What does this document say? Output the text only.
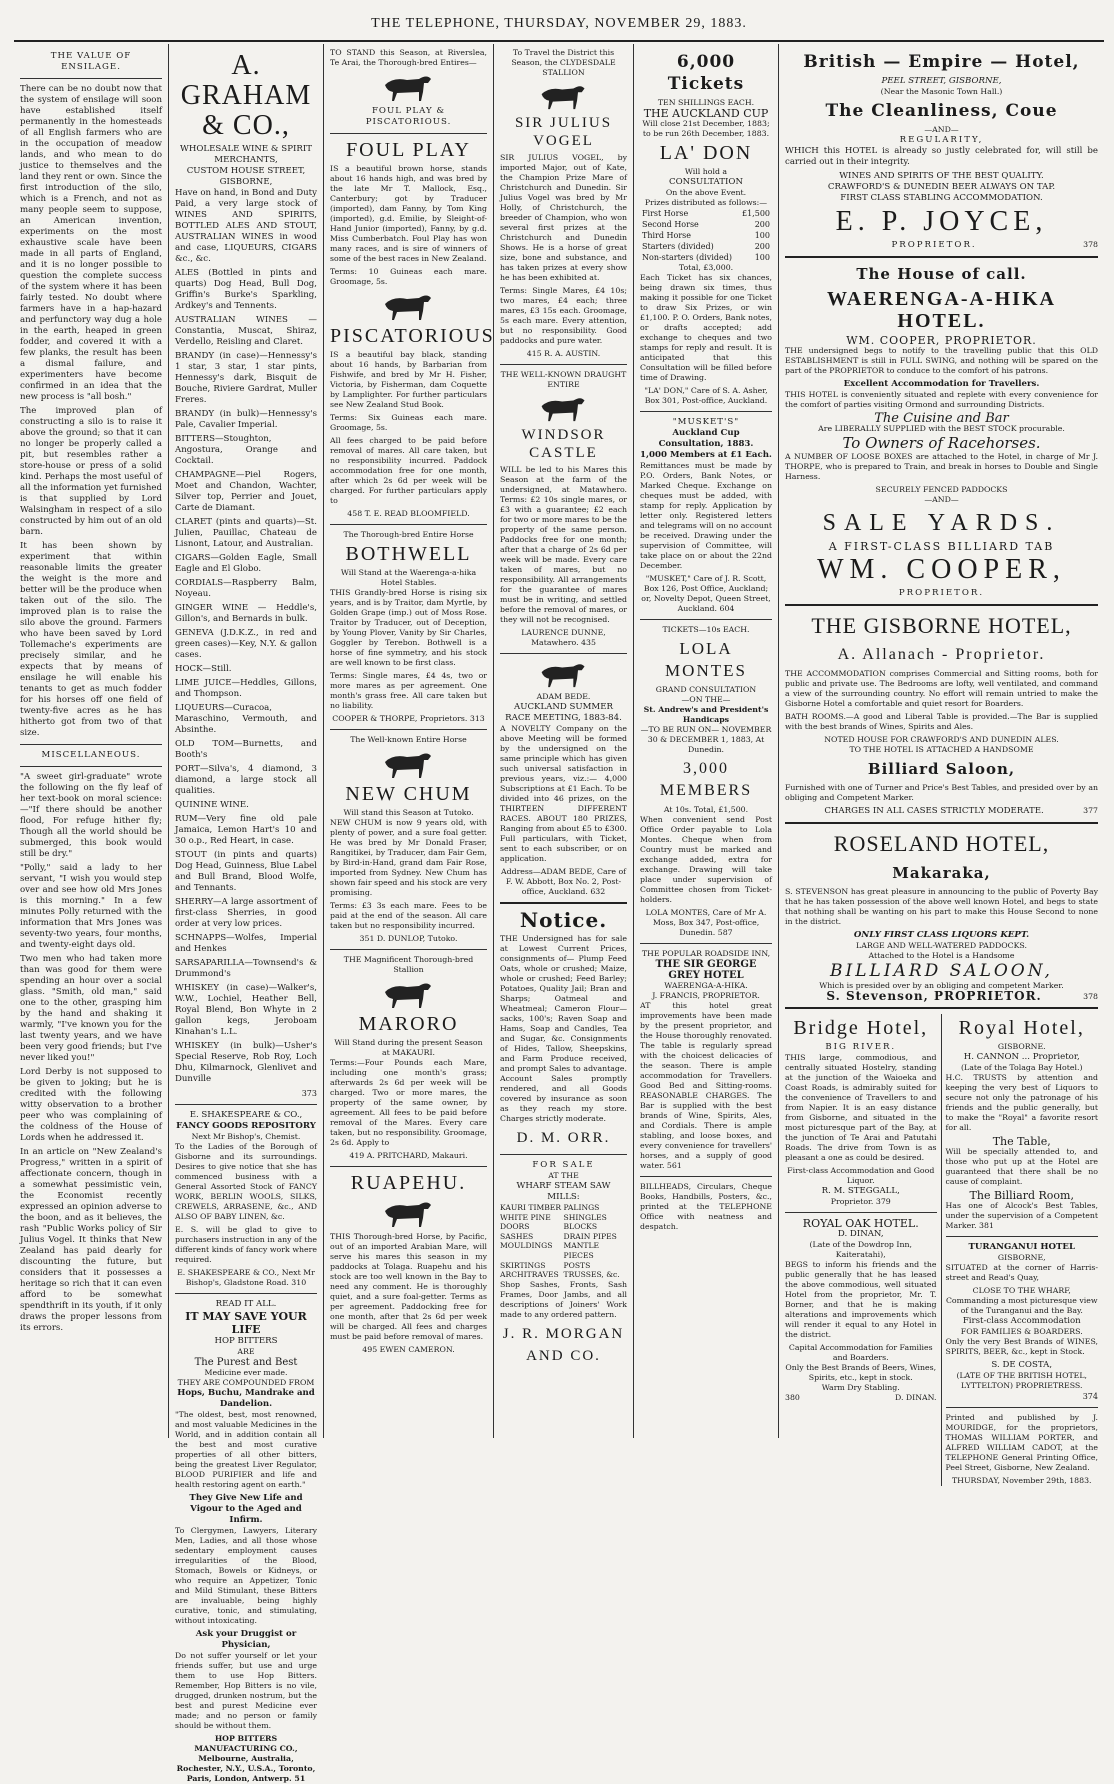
THE TELEPHONE, THURSDAY, NOVEMBER 29, 1883.
THE VALUE OF ENSILAGE.

There can be no doubt now that the system of ensilage will soon have established itself permanently in the homesteads of all English farmers who are in the occupation of meadow lands, and who mean to do justice to themselves and the land they rent or own. Since the first introduction of the silo, which is a French, and not as many people seem to suppose, an American invention, experiments on the most exhaustive scale have been made in all parts of England, and it is no longer possible to question the complete success of the system where it has been fairly tested. No doubt where farmers have in a hap-hazard and perfunctory way dug a hole in the earth, heaped in green fodder, and covered it with a few planks, the result has been a dismal failure, and experimenters have become confirmed in an idea that the new process is "all bosh."

The improved plan of constructing a silo is to raise it above the ground; so that it can no longer be properly called a pit, but resembles rather a store-house or press of a solid kind. Perhaps the most useful of all the information yet furnished is that supplied by Lord Walsingham in respect of a silo constructed by him out of an old barn.

It has been shown by experiment that within reasonable limits the greater the weight is the more and better will be the produce when taken out of the silo. The improved plan is to raise the silo above the ground. Farmers who have been saved by Lord Tollemache's experiments are precisely similar, and he expects that by means of ensilage he will enable his tenants to get as much fodder for his horses off one field of twenty-five acres as he has hitherto got from two of that size.

MISCELLANEOUS.

"A sweet girl-graduate" wrote the following on the fly leaf of her text-book on moral science:—"If there should be another flood, For refuge hither fly; Though all the world should be submerged, this book would still be dry."

"Polly," said a lady to her servant, "I wish you would step over and see how old Mrs Jones is this morning." In a few minutes Polly returned with the information that Mrs Jones was seventy-two years, four months, and twenty-eight days old.

Two men who had taken more than was good for them were spending an hour over a social glass. "Smith, old man," said one to the other, grasping him by the hand and shaking it warmly, "I've known you for the last twenty years, and we have been very good friends; but I've never liked you!"

Lord Derby is not supposed to be given to joking; but he is credited with the following witty observation to a brother peer who was complaining of the coldness of the House of Lords when he addressed it.

In an article on "New Zealand's Progress," written in a spirit of affectionate concern, though in a somewhat pessimistic vein, the Economist recently expressed an opinion adverse to the boon, and as it believes, the rash "Public Works policy of Sir Julius Vogel. It thinks that New Zealand has paid dearly for discounting the future, but considers that it possesses a heritage so rich that it can even afford to be somewhat spendthrift in its youth, if it only draws the proper lessons from its errors.

A. GRAHAM & CO.,
WHOLESALE WINE & SPIRIT MERCHANTS,
CUSTOM HOUSE STREET,
GISBORNE,

Have on hand, in Bond and Duty Paid, a very large stock of WINES AND SPIRITS, BOTTLED ALES AND STOUT, AUSTRALIAN WINES in wood and case, LIQUEURS, CIGARS &c., &c.

ALES (Bottled in pints and quarts) Dog Head, Bull Dog, Griffin's Burke's Sparkling, Ardkey's and Tennents.
AUSTRALIAN WINES — Constantia, Muscat, Shiraz, Verdello, Reisling and Claret.
BRANDY (in case)—Hennessy's 1 star, 3 star, 1 star pints, Hennessy's dark, Bisquit de Bouche, Riviere Gardrat, Muller Freres.
BRANDY (in bulk)—Hennessy's Pale, Cavalier Imperial.
BITTERS—Stoughton, Angostura, Orange and Cocktail.
CHAMPAGNE—Piel Rogers, Moet and Chandon, Wachter, Silver top, Perrier and Jouet, Carte de Diamant.
CLARET (pints and quarts)—St. Julien, Pauillac, Chateau de Lisnont, Latour, and Australian.
CIGARS—Golden Eagle, Small Eagle and El Globo.
CORDIALS—Raspberry Balm, Noyeau.
GINGER WINE — Heddle's, Gillon's, and Bernards in bulk.
GENEVA (J.D.K.Z., in red and green cases)—Key, N.Y. & gallon cases.
HOCK—Still.
LIME JUICE—Heddles, Gillons, and Thompson.
LIQUEURS—Curacoa, Maraschino, Vermouth, and Absinthe.
OLD TOM—Burnetts, and Booth's
PORT—Silva's, 4 diamond, 3 diamond, a large stock all qualities.
QUININE WINE.
RUM—Very fine old pale Jamaica, Lemon Hart's 10 and 30 o.p., Red Heart, in case.
STOUT (in pints and quarts) Dog Head, Guinness, Blue Label and Bull Brand, Blood Wolfe, and Tennants.
SHERRY—A large assortment of first-class Sherries, in good order at very low prices.
SCHNAPPS—Wolfes, Imperial and Henkes
SARSAPARILLA—Townsend's & Drummond's
WHISKEY (in case)—Walker's, W.W., Lochiel, Heather Bell, Royal Blend, Bon Whyte in 2 gallon kegs, Jeroboam Kinahan's L.L.
WHISKEY (in bulk)—Usher's Special Reserve, Rob Roy, Loch Dhu, Kilmarnock, Glenlivet and Dunville
373
E. SHAKESPEARE & CO.,
FANCY GOODS REPOSITORY
Next Mr Bishop's, Chemist.

To the Ladies of the Borough of Gisborne and its surroundings. Desires to give notice that she has commenced business with a General Assorted Stock of FANCY WORK, BERLIN WOOLS, SILKS, CREWELS, ARRASENE, &c., AND ALSO OF BABY LINEN, &c.

E. S. will be glad to give to purchasers instruction in any of the different kinds of fancy work where required.

E. SHAKESPEARE & CO., Next Mr Bishop's, Gladstone Road. 310
READ IT ALL.
IT MAY SAVE YOUR LIFE
HOP BITTERS
ARE
The Purest and Best
Medicine ever made.
THEY ARE COMPOUNDED FROM
Hops, Buchu, Mandrake and Dandelion.

"The oldest, best, most renowned, and most valuable Medicines in the World, and in addition contain all the best and most curative properties of all other bitters, being the greatest Liver Regulator, BLOOD PURIFIER and life and health restoring agent on earth."

They Give New Life and Vigour to the Aged and Infirm.

To Clergymen, Lawyers, Literary Men, Ladies, and all those whose sedentary employment causes irregularities of the Blood, Stomach, Bowels or Kidneys, or who require an Appetizer, Tonic and Mild Stimulant, these Bitters are invaluable, being highly curative, tonic, and stimulating, without intoxicating.

Ask your Druggist or Physician,

Do not suffer yourself or let your friends suffer, but use and urge them to use Hop Bitters. Remember, Hop Bitters is no vile, drugged, drunken nostrum, but the best and purest Medicine ever made; and no person or family should be without them.

HOP BITTERS MANUFACTURING CO., Melbourne, Australia, Rochester, N.Y., U.S.A., Toronto, Paris, London, Antwerp. 51

TO STAND this Season, at Riverslea, Te Arai, the Thorough-bred Entires—

FOUL PLAY & PISCATORIOUS.
FOUL PLAY

IS a beautiful brown horse, stands about 16 hands high, and was bred by the late Mr T. Mallock, Esq., Canterbury; got by Traducer (imported), dam Fanny, by Tom King (imported), g.d. Emilie, by Sleight-of-Hand Junior (imported), Fanny, by g.d. Miss Cumberbatch. Foul Play has won many races, and is sire of winners of some of the best races in New Zealand.

Terms: 10 Guineas each mare. Groomage, 5s.

PISCATORIOUS

IS a beautiful bay black, standing about 16 hands, by Barbarian from Fishwife, and bred by Mr H. Fisher, Victoria, by Fisherman, dam Coquette by Lamplighter. For further particulars see New Zealand Stud Book.

Terms: Six Guineas each mare. Groomage, 5s.

All fees charged to be paid before removal of mares. All care taken, but no responsibility incurred. Paddock accommodation free for one month, after which 2s 6d per week will be charged. For further particulars apply to

458 T. E. READ BLOOMFIELD.
The Thorough-bred Entire Horse
BOTHWELL
Will Stand at the Waerenga-a-hika Hotel Stables.

THIS Grandly-bred Horse is rising six years, and is by Traitor, dam Myrtle, by Golden Grape (imp.) out of Moss Rose. Traitor by Traducer, out of Deception, by Young Plover, Vanity by Sir Charles, Goggler by Terebon. Bothwell is a horse of fine symmetry, and his stock are well known to be first class.

Terms: Single mares, £4 4s, two or more mares as per agreement. One month's grass free. All care taken but no liability.

COOPER & THORPE, Proprietors. 313
The Well-known Entire Horse
NEW CHUM
Will stand this Season at Tutoko.

NEW CHUM is now 9 years old, with plenty of power, and a sure foal getter. He was bred by Mr Donald Fraser, Rangitikei, by Traducer, dam Fair Gem, by Bird-in-Hand, grand dam Fair Rose, imported from Sydney. New Chum has shown fair speed and his stock are very promising.

Terms: £3 3s each mare. Fees to be paid at the end of the season. All care taken but no responsibility incurred.

351 D. DUNLOP, Tutoko.
THE Magnificent Thorough-bred Stallion
MARORO
Will Stand during the present Season at MAKAURI.

Terms:—Four Pounds each Mare, including one month's grass; afterwards 2s 6d per week will be charged. Two or more mares, the property of the same owner, by agreement. All fees to be paid before removal of the Mares. Every care taken, but no responsibility. Groomage, 2s 6d. Apply to

419 A. PRITCHARD, Makauri.
RUAPEHU.

THIS Thorough-bred Horse, by Pacific, out of an imported Arabian Mare, will serve his mares this season in my paddocks at Tolaga. Ruapehu and his stock are too well known in the Bay to need any comment. He is thoroughly quiet, and a sure foal-getter. Terms as per agreement. Paddocking free for one month, after that 2s 6d per week will be charged. All fees and charges must be paid before removal of mares.

495 EWEN CAMERON.
To Travel the District this Season, the CLYDESDALE STALLION
SIR JULIUS VOGEL

SIR JULIUS VOGEL, by imported Major, out of Kate, the Champion Prize Mare of Christchurch and Dunedin. Sir Julius Vogel was bred by Mr Holly, of Christchurch, the breeder of Champion, who won several first prizes at the Christchurch and Dunedin Shows. He is a horse of great size, bone and substance, and has taken prizes at every show he has been exhibited at.

Terms: Single Mares, £4 10s; two mares, £4 each; three mares, £3 15s each. Groomage, 5s each mare. Every attention, but no responsibility. Good paddocks and pure water.

415 R. A. AUSTIN.
THE WELL-KNOWN DRAUGHT ENTIRE
WINDSOR CASTLE

WILL be led to his Mares this Season at the farm of the undersigned, at Matawhero. Terms: £2 10s single mares, or £3 with a guarantee; £2 each for two or more mares to be the property of the same person. Paddocks free for one month; after that a charge of 2s 6d per week will be made. Every care taken of mares, but no responsibility. All arrangements for the guarantee of mares must be in writing, and settled before the removal of mares, or they will not be recognised.

LAURENCE DUNNE, Matawhero. 435
ADAM BEDE.
AUCKLAND SUMMER RACE MEETING, 1883-84.

A NOVELTY Company on the above Meeting will be formed by the undersigned on the same principle which has given such universal satisfaction in previous years, viz.:— 4,000 Subscriptions at £1 Each. To be divided into 46 prizes, on the THIRTEEN DIFFERENT RACES. ABOUT 180 PRIZES, Ranging from about £5 to £300. Full particulars, with Ticket, sent to each subscriber, or on application.

Address—ADAM BEDE, Care of F. W. Abbott, Box No. 2, Post-office, Auckland. 632
Notice.

THE Undersigned has for sale at Lowest Current Prices, consignments of— Plump Feed Oats, whole or crushed; Maize, whole or crushed; Feed Barley; Potatoes, Quality Jail; Bran and Sharps; Oatmeal and Wheatmeal; Cameron Flour—sacks, 100's; Raven Soap and Hams, Soap and Candles, Tea and Sugar, &c. Consignments of Hides, Tallow, Sheepskins, and Farm Produce received, and prompt Sales to advantage. Account Sales promptly rendered, and all Goods covered by insurance as soon as they reach my store. Charges strictly moderate.

D. M. ORR.
FOR SALE
AT THE
WHARF STEAM SAW MILLS:
KAURI TIMBER PALINGS
WHITE PINE	SHINGLES
DOORS	BLOCKS
SASHES	DRAIN PIPES
MOULDINGS	MANTLE PIECES
SKIRTINGS	POSTS
ARCHITRAVES TRUSSES, &c.

Shop Sashes, Fronts, Sash Frames, Door Jambs, and all descriptions of Joiners' Work made to any ordered pattern.

J. R. MORGAN AND CO.
6,000 Tickets
TEN SHILLINGS EACH.
THE AUCKLAND CUP
Will close 21st December, 1883; to be run 26th December, 1883.
LA' DON
Will hold a
CONSULTATION
On the above Event.
Prizes distributed as follows:—
First Horse	£1,500
Second Horse	200
Third Horse	100
Starters (divided)	200
Non-starters (divided)	100
Total, £3,000.

Each Ticket has six chances, being drawn six times, thus making it possible for one Ticket to draw Six Prizes, or win £1,100. P. O. Orders, Bank notes, or drafts accepted; add exchange to cheques and two stamps for reply and result. It is anticipated that this Consultation will be filled before time of Drawing.

"LA' DON," Care of S. A. Asher, Box 301, Post-office, Auckland.
"MUSKET'S"
Auckland Cup Consultation, 1883.
1,000 Members at £1 Each.

Remittances must be made by P.O. Orders, Bank Notes, or Marked Cheque. Exchange on cheques must be added, with stamp for reply. Application by letter only. Registered letters and telegrams will on no account be received. Drawing under the supervision of Committee, will take place on or about the 22nd December.

"MUSKET," Care of J. R. Scott, Box 126, Post Office, Auckland; or, Novelty Depot, Queen Street, Auckland. 604
TICKETS—10s EACH.
LOLA MONTES
GRAND CONSULTATION
—ON THE—
St. Andrew's and President's Handicaps
—TO BE RUN ON— NOVEMBER 30 & DECEMBER 1, 1883, At Dunedin.
3,000 MEMBERS
At 10s. Total, £1,500.

When convenient send Post Office Order payable to Lola Montes. Cheque when from Country must be marked and exchange added, extra for exchange. Drawing will take place under supervision of Committee chosen from Ticket-holders.

LOLA MONTES, Care of Mr A. Moss, Box 347, Post-office, Dunedin. 587
THE POPULAR ROADSIDE INN,
THE SIR GEORGE GREY HOTEL
WAERENGA-A-HIKA.
J. FRANCIS, PROPRIETOR.

AT this hotel great improvements have been made by the present proprietor, and the House thoroughly renovated. The table is regularly spread with the choicest delicacies of the season. There is ample accommodation for Travellers. Good Bed and Sitting-rooms. REASONABLE CHARGES. The Bar is supplied with the best brands of Wine, Spirits, Ales, and Cordials. There is ample stabling, and loose boxes, and every convenience for travellers' horses, and a supply of good water. 561

BILLHEADS, Circulars, Cheque Books, Handbills, Posters, &c., printed at the TELEPHONE Office with neatness and despatch.

British — Empire — Hotel,
PEEL STREET, GISBORNE,
(Near the Masonic Town Hall.)
The Cleanliness, Coue
—AND—
REGULARITY,

WHICH this HOTEL is already so justly celebrated for, will still be carried out in their integrity.

WINES AND SPIRITS OF THE BEST QUALITY.
CRAWFORD'S & DUNEDIN BEER ALWAYS ON TAP.
FIRST CLASS STABLING ACCOMMODATION.
E. P. JOYCE,
PROPRIETOR.	378
The House of call.
WAERENGA-A-HIKA HOTEL.
WM. COOPER, PROPRIETOR.

THE undersigned begs to notify to the travelling public that this OLD ESTABLISHMENT is still in FULL SWING, and nothing will be spared on the part of the PROPRIETOR to conduce to the comfort of his patrons.

Excellent Accommodation for Travellers.

THIS HOTEL is conveniently situated and replete with every convenience for the comfort of parties visiting Ormond and surrounding Districts.

The Cuisine and Bar
Are LIBERALLY SUPPLIED with the BEST STOCK procurable.
To Owners of Racehorses.

A NUMBER OF LOOSE BOXES are attached to the Hotel, in charge of Mr J. THORPE, who is prepared to Train, and break in horses to Double and Single Harness.

SECURELY FENCED PADDOCKS
—AND—
SALE YARDS.
A FIRST-CLASS BILLIARD TAB
WM. COOPER,
PROPRIETOR.
THE GISBORNE HOTEL,
A. Allanach - Proprietor.

THE ACCOMMODATION comprises Commercial and Sitting rooms, both for public and private use. The Bedrooms are lofty, well ventilated, and command a view of the surrounding country. No effort will remain untried to make the Gisborne Hotel a comfortable and quiet resort for Boarders.

BATH ROOMS.—A good and Liberal Table is provided.—The Bar is supplied with the best brands of Wines, Spirits and Ales.

NOTED HOUSE FOR CRAWFORD'S AND DUNEDIN ALES.
TO THE HOTEL IS ATTACHED A HANDSOME
Billiard Saloon,

Furnished with one of Turner and Price's Best Tables, and presided over by an obliging and Competent Marker.

CHARGES IN ALL CASES STRICTLY MODERATE.	377
ROSELAND HOTEL,
Makaraka,

S. STEVENSON has great pleasure in announcing to the public of Poverty Bay that he has taken possession of the above well known Hotel, and begs to state that nothing shall be wanting on his part to make this House Second to none in the district.

ONLY FIRST CLASS LIQUORS KEPT.
LARGE AND WELL-WATERED PADDOCKS.
Attached to the Hotel is a Handsome
BILLIARD SALOON,
Which is presided over by an obliging and competent Marker.
S. Stevenson, PROPRIETOR.	378
Bridge Hotel,
BIG RIVER.

THIS large, commodious, and centrally situated Hostelry, standing at the junction of the Waioeka and Coast Roads, is admirably suited for the convenience of Travellers to and from Napier. It is an easy distance from Gisborne, and situated in the most picturesque part of the Bay, at the junction of Te Arai and Patutahi Roads. The drive from Town is as pleasant a one as could be desired.

First-class Accommodation and Good Liquor.
R. M. STEGGALL,
Proprietor. 379
ROYAL OAK HOTEL.
D. DINAN,
(Late of the Dowdrop Inn, Kaiteratahi),

BEGS to inform his friends and the public generally that he has leased the above commodious, well situated Hotel from the proprietor, Mr. T. Borner, and that he is making alterations and improvements which will render it equal to any Hotel in the district.

Capital Accommodation for Families and Boarders.
Only the Best Brands of Beers, Wines, Spirits, etc., kept in stock.
Warm Dry Stabling.
380	D. DINAN.
Royal Hotel,
GISBORNE.
H. CANNON ... Proprietor,
(Late of the Tolaga Bay Hotel.)

H.C. TRUSTS by attention and keeping the very best of Liquors to secure not only the patronage of his friends and the public generally, but to make the "Royal" a favorite resort for all.

The Table,

Will be specially attended to, and those who put up at the Hotel are guaranteed that there shall be no cause of complaint.

The Billiard Room,

Has one of Alcock's Best Tables, under the supervision of a Competent Marker. 381

TURANGANUI HOTEL
GISBORNE,

SITUATED at the corner of Harris-street and Read's Quay,

CLOSE TO THE WHARF,
Commanding a most picturesque view of the Turanganui and the Bay.
First-class Accommodation
FOR FAMILIES & BOARDERS.

Only the very Best Brands of WINES, SPIRITS, BEER, &c., kept in Stock.

S. DE COSTA,
(LATE OF THE BRITISH HOTEL, LYTTELTON) PROPRIETRESS.
374

Printed and published by J. MOURIDGE, for the proprietors, THOMAS WILLIAM PORTER, and ALFRED WILLIAM CADOT, at the TELEPHONE General Printing Office, Peel Street, Gisborne, New Zealand.

THURSDAY, November 29th, 1883.
